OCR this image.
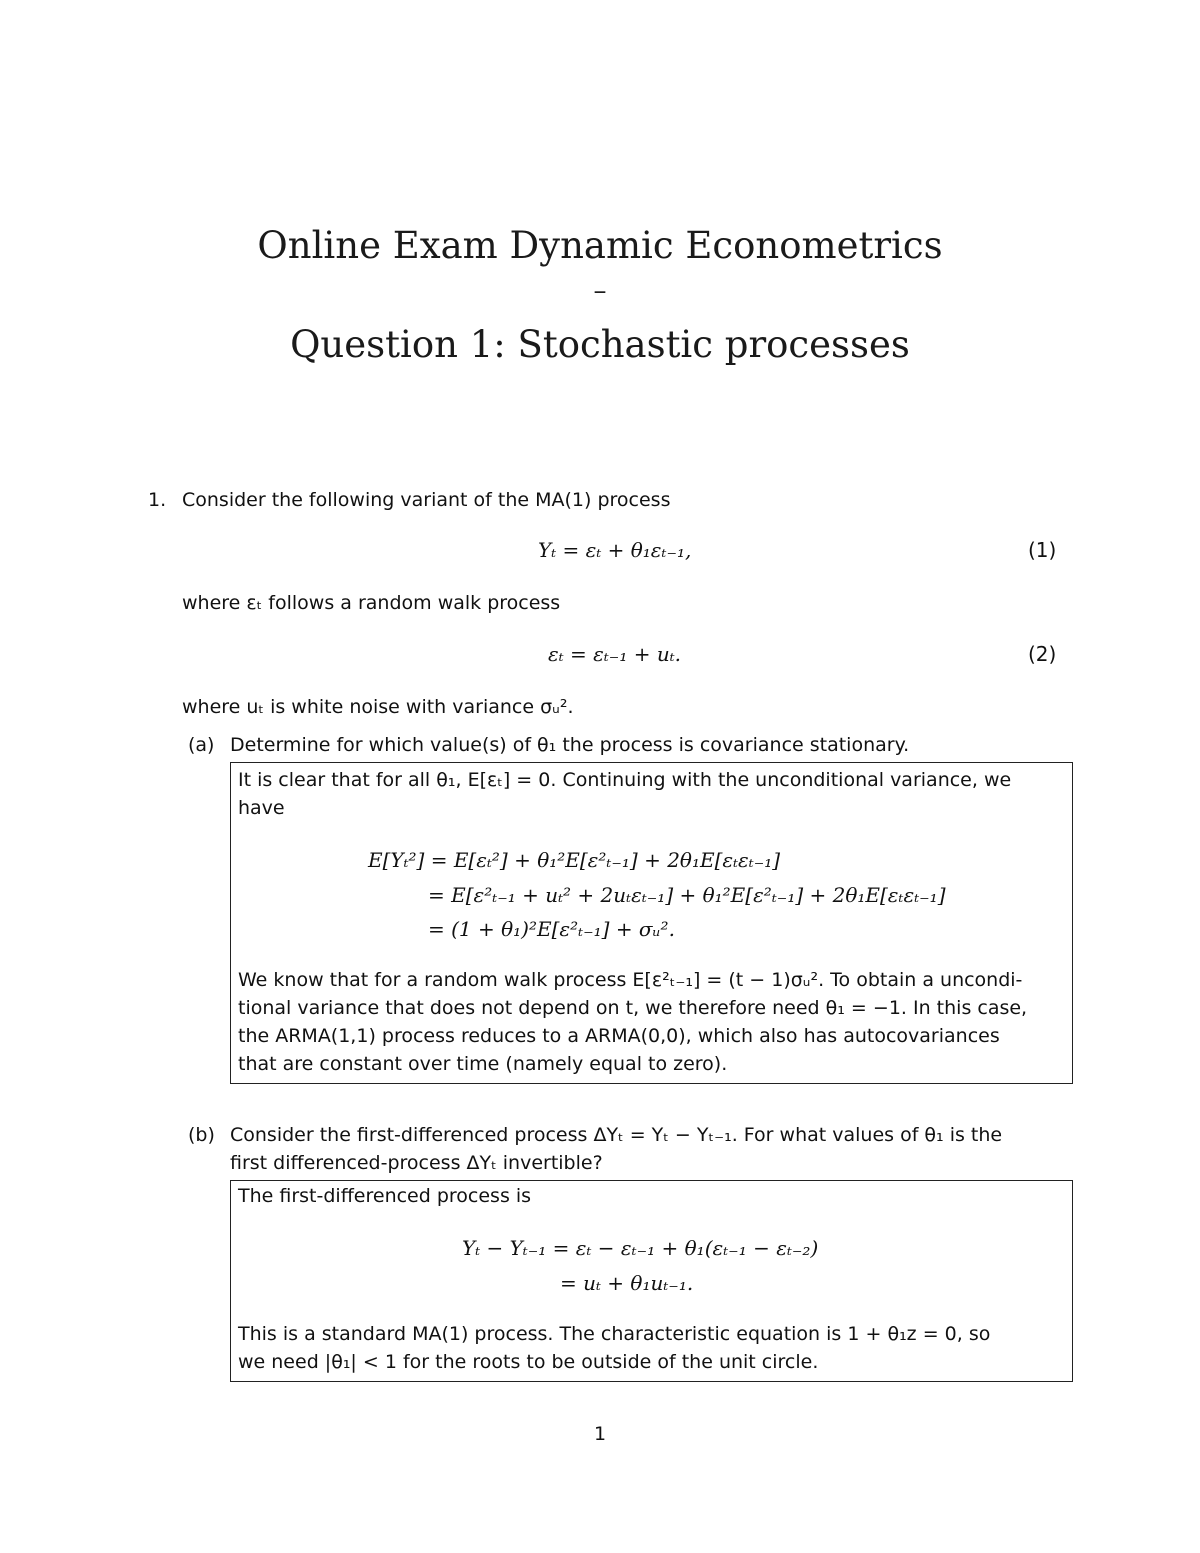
Online Exam Dynamic Econometrics
–
Question 1: Stochastic processes
1. Consider the following variant of the MA(1) process
Yₜ = εₜ + θ₁εₜ₋₁,	(1)
where εₜ follows a random walk process
εₜ = εₜ₋₁ + uₜ.	(2)
where uₜ is white noise with variance σᵤ².
(a) Determine for which value(s) of θ₁ the process is covariance stationary.
It is clear that for all θ₁, E[εₜ] = 0. Continuing with the unconditional variance, we
have
E[Yₜ²] = E[εₜ²] + θ₁²E[ε²ₜ₋₁] + 2θ₁E[εₜεₜ₋₁]
= E[ε²ₜ₋₁ + uₜ² + 2uₜεₜ₋₁] + θ₁²E[ε²ₜ₋₁] + 2θ₁E[εₜεₜ₋₁]
= (1 + θ₁)²E[ε²ₜ₋₁] + σᵤ².
We know that for a random walk process E[ε²ₜ₋₁] = (t − 1)σᵤ². To obtain a uncondi-
tional variance that does not depend on t, we therefore need θ₁ = −1. In this case,
the ARMA(1,1) process reduces to a ARMA(0,0), which also has autocovariances
that are constant over time (namely equal to zero).
(b) Consider the first-differenced process ΔYₜ = Yₜ − Yₜ₋₁. For what values of θ₁ is the
first differenced-process ΔYₜ invertible?
The first-differenced process is
Yₜ − Yₜ₋₁ = εₜ − εₜ₋₁ + θ₁(εₜ₋₁ − εₜ₋₂)
= uₜ + θ₁uₜ₋₁.
This is a standard MA(1) process. The characteristic equation is 1 + θ₁z = 0, so
we need |θ₁| < 1 for the roots to be outside of the unit circle.
1
